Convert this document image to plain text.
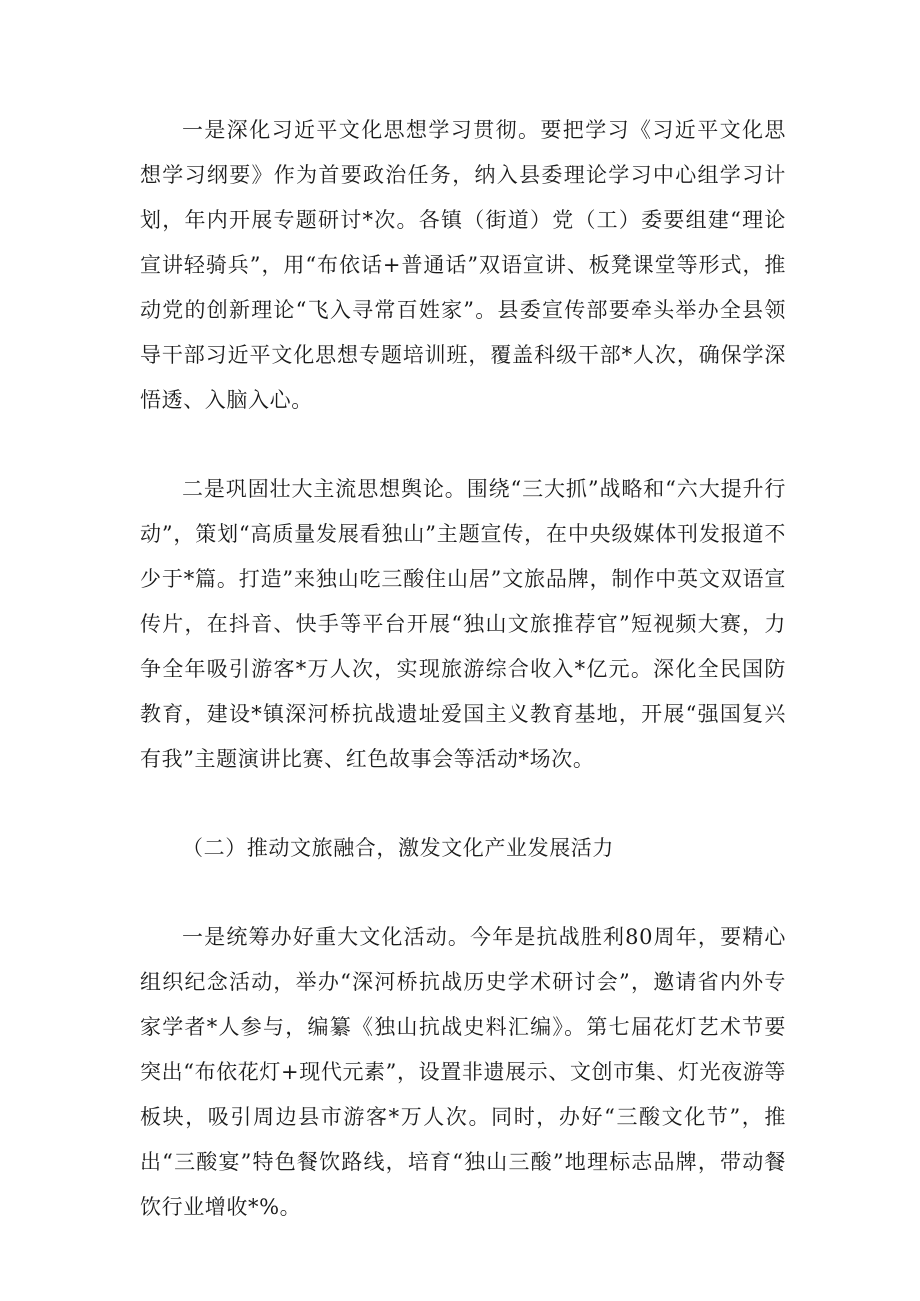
一是深化习近平文化思想学习贯彻。要把学习《习近平文化思想学习纲要》作为首要政治任务，纳入县委理论学习中心组学习计划，年内开展专题研讨*次。各镇（街道）党（工）委要组建“理论宣讲轻骑兵”，用“布依话+普通话”双语宣讲、板凳课堂等形式，推动党的创新理论“飞入寻常百姓家”。县委宣传部要牵头举办全县领导干部习近平文化思想专题培训班，覆盖科级干部*人次，确保学深悟透、入脑入心。

二是巩固壮大主流思想舆论。围绕“三大抓”战略和“六大提升行动”，策划“高质量发展看独山”主题宣传，在中央级媒体刊发报道不少于*篇。打造”来独山吃三酸住山居”文旅品牌，制作中英文双语宣传片，在抖音、快手等平台开展“独山文旅推荐官”短视频大赛，力争全年吸引游客*万人次，实现旅游综合收入*亿元。深化全民国防教育，建设*镇深河桥抗战遗址爱国主义教育基地，开展“强国复兴有我”主题演讲比赛、红色故事会等活动*场次。

（二）推动文旅融合，激发文化产业发展活力

一是统筹办好重大文化活动。今年是抗战胜利80周年，要精心组织纪念活动，举办“深河桥抗战历史学术研讨会”，邀请省内外专家学者*人参与，编纂《独山抗战史料汇编》。第七届花灯艺术节要突出“布依花灯+现代元素”，设置非遗展示、文创市集、灯光夜游等板块，吸引周边县市游客*万人次。同时，办好“三酸文化节”，推出“三酸宴”特色餐饮路线，培育“独山三酸”地理标志品牌，带动餐饮行业增收*%。
